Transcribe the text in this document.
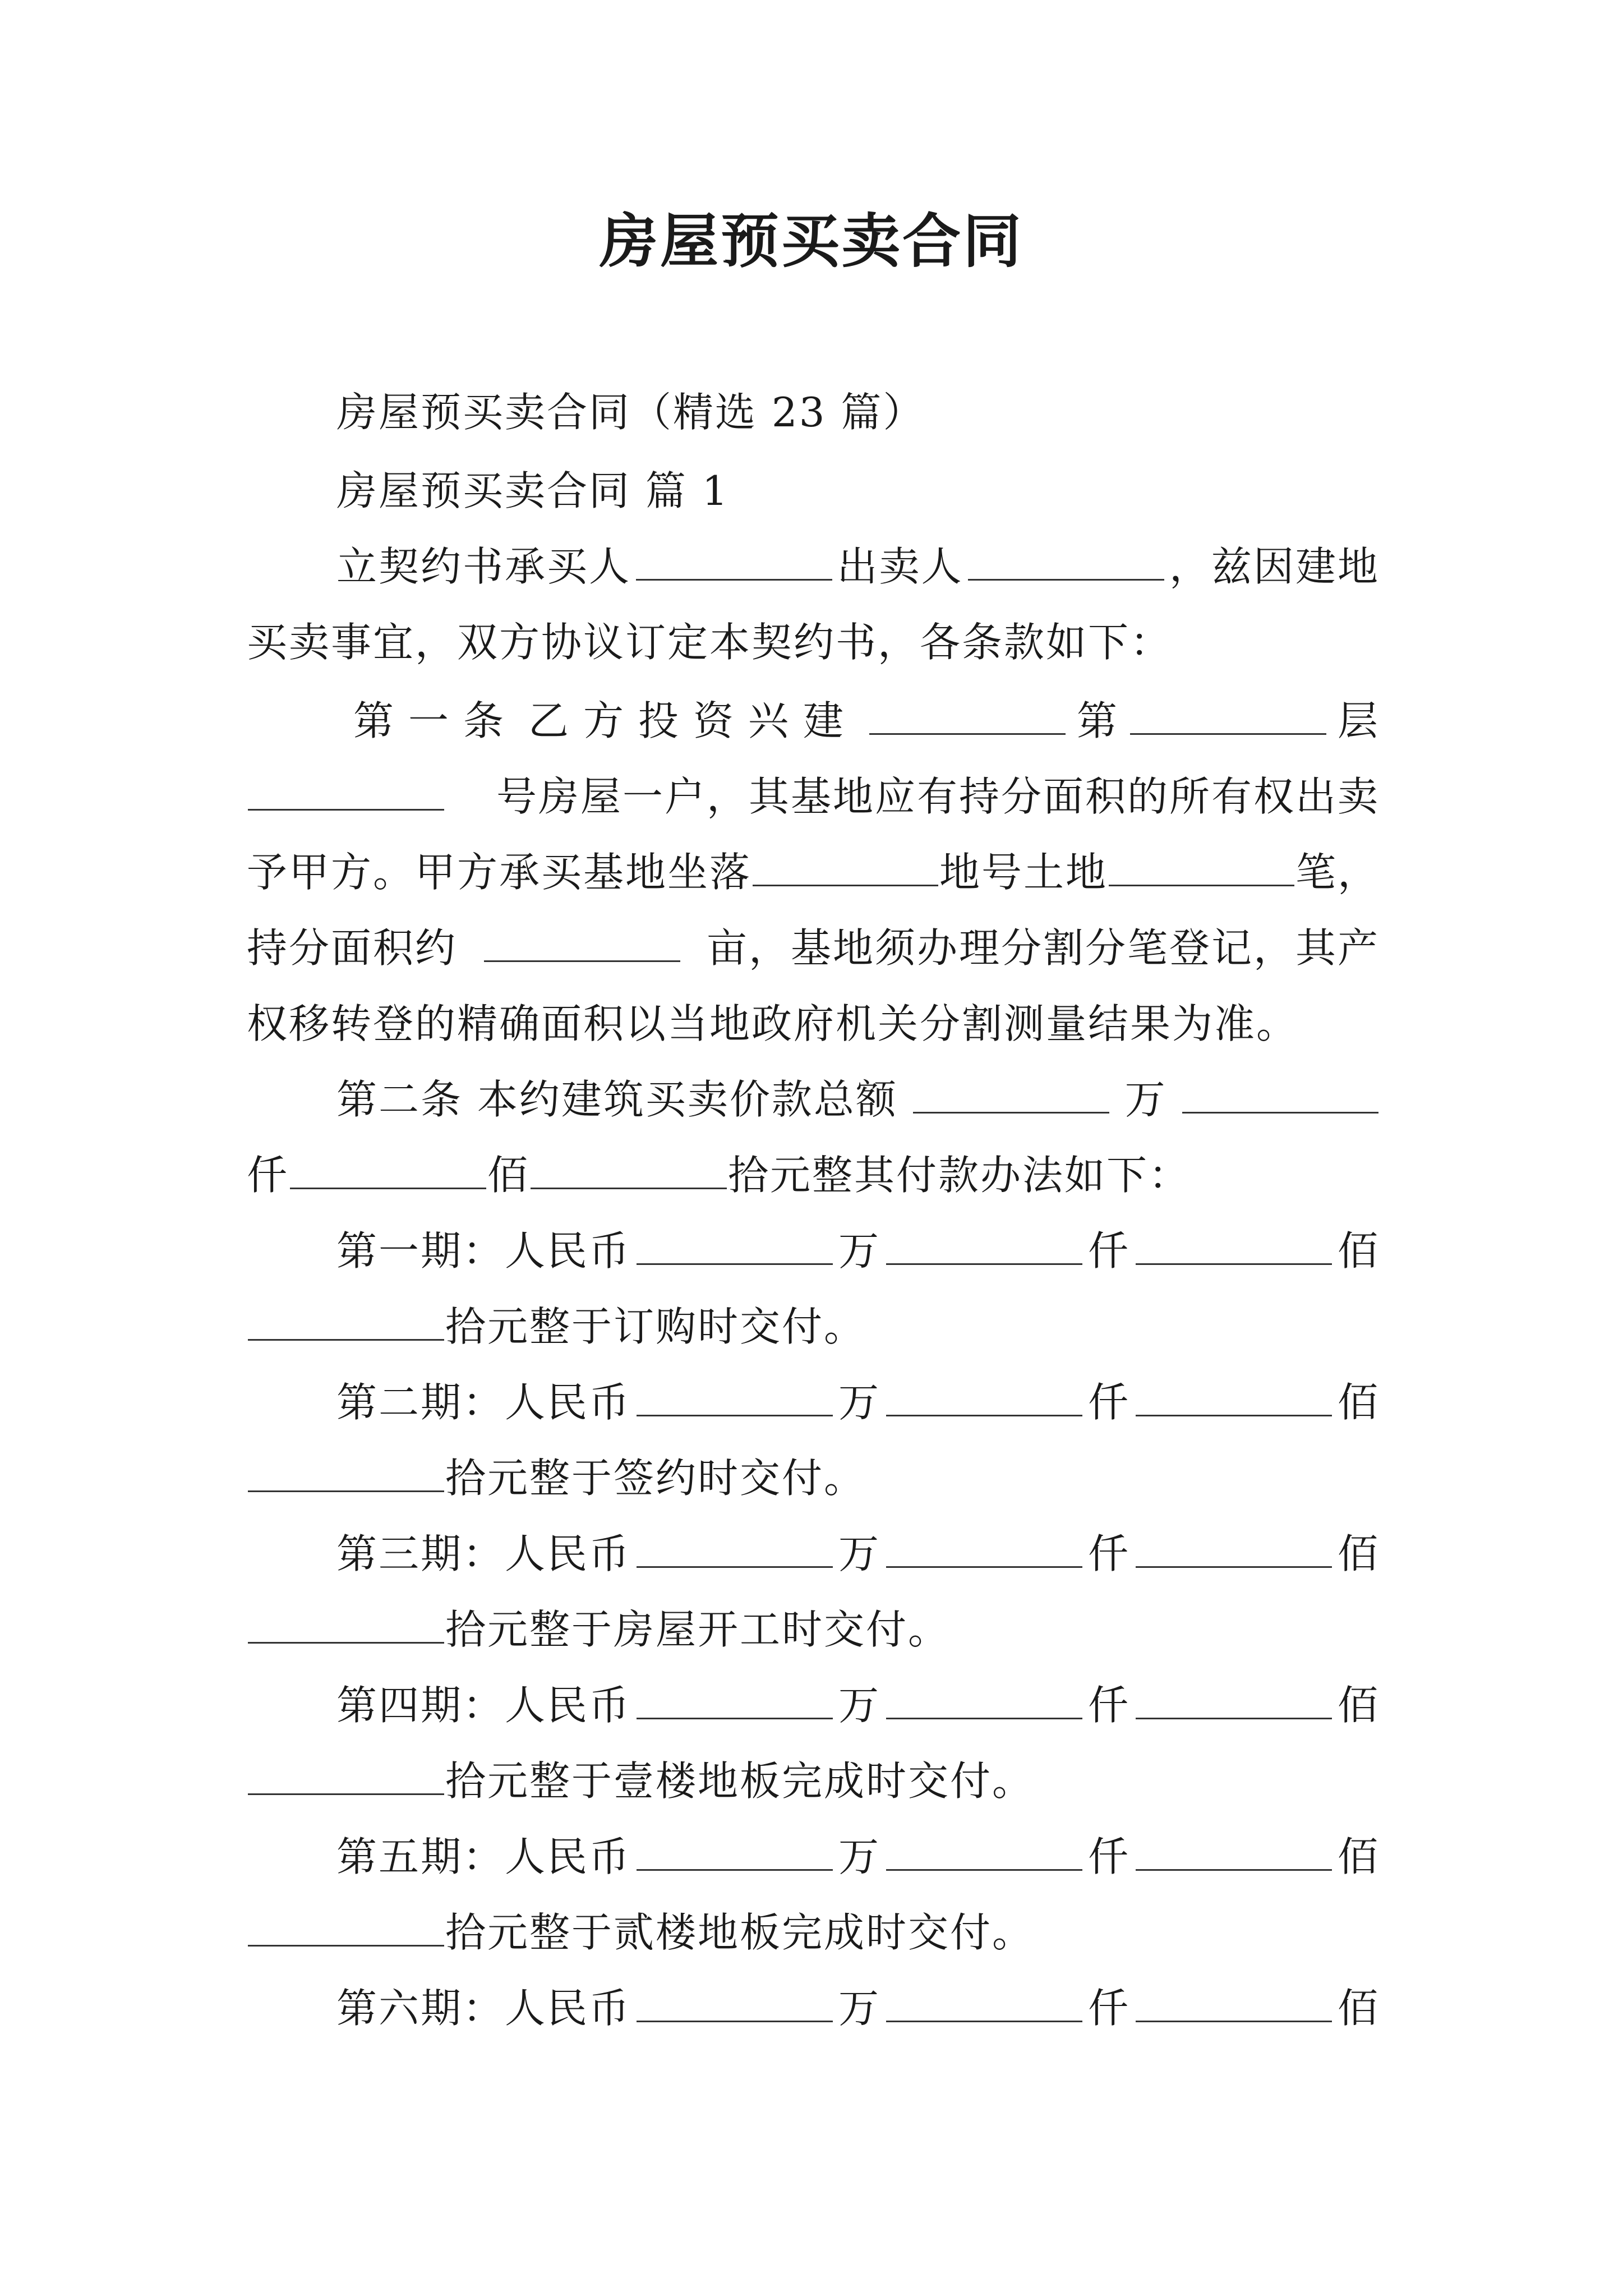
房屋预买卖合同
房屋预买卖合同（精选 23 篇）
房屋预买卖合同 篇 1
立契约书承买人	出卖人	，兹因建地
买卖事宜，双方协议订定本契约书，各条款如下：
第一条 乙方投资兴建	第	层
号房屋一户，其基地应有持分面积的所有权出卖
予甲方。甲方承买基地坐落	地号土地	笔，
持分面积约	亩，基地须办理分割分笔登记，其产
权移转登的精确面积以当地政府机关分割测量结果为准。
第二条 本约建筑买卖价款总额	万
仟	佰	拾元整其付款办法如下：
第一期：人民币	万	仟	佰
拾元整于订购时交付。
第二期：人民币	万	仟	佰
拾元整于签约时交付。
第三期：人民币	万	仟	佰
拾元整于房屋开工时交付。
第四期：人民币	万	仟	佰
拾元整于壹楼地板完成时交付。
第五期：人民币	万	仟	佰
拾元整于贰楼地板完成时交付。
第六期：人民币	万	仟	佰
